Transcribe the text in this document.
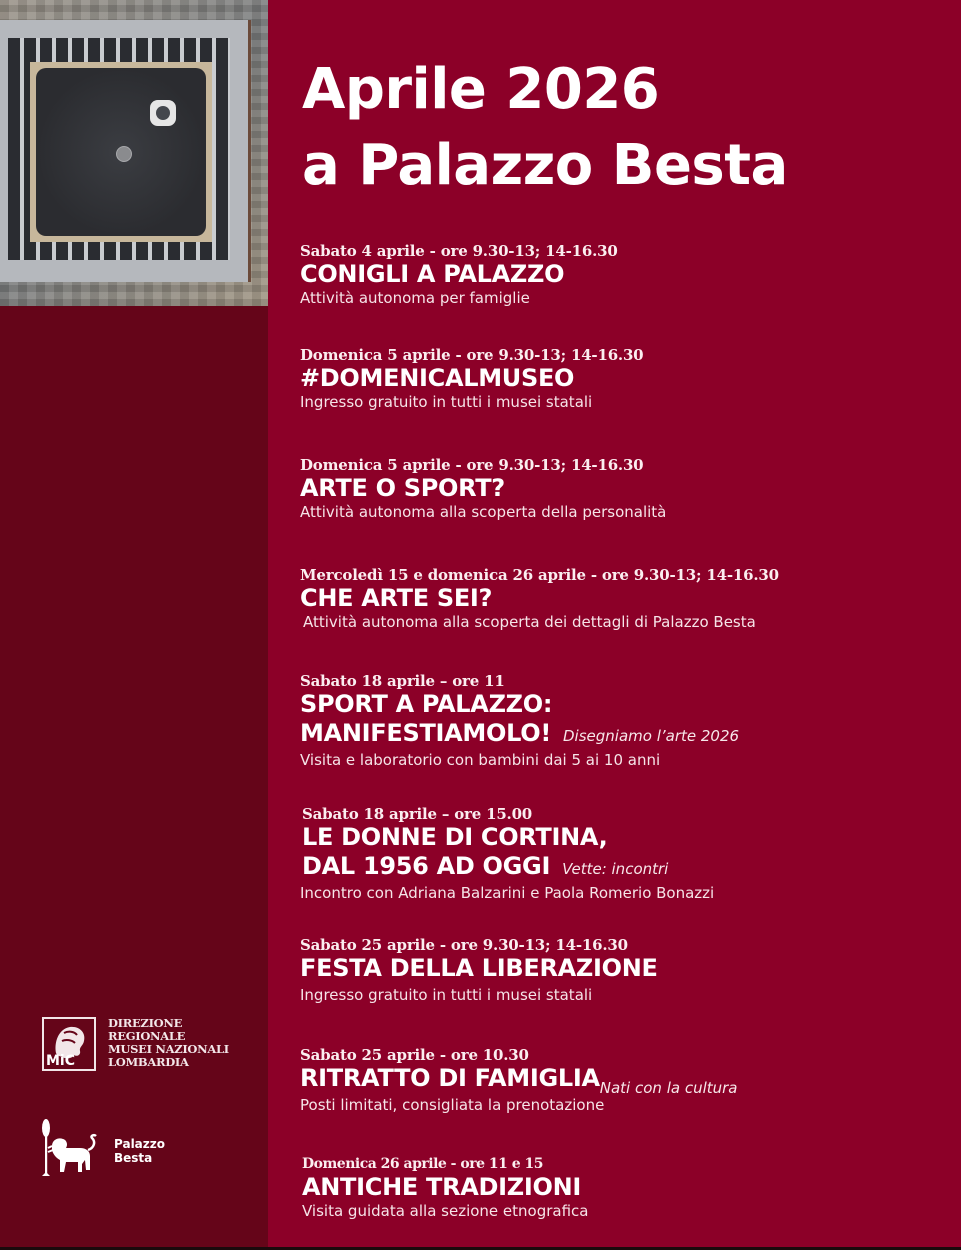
Aprile 2026
a Palazzo Besta
Sabato 4 aprile - ore 9.30-13; 14-16.30
CONIGLI A PALAZZO
Attività autonoma per famiglie
Domenica 5 aprile - ore 9.30-13; 14-16.30
#DOMENICALMUSEO
Ingresso gratuito in tutti i musei statali
Domenica 5 aprile - ore 9.30-13; 14-16.30
ARTE O SPORT?
Attività autonoma alla scoperta della personalità
Mercoledì 15 e domenica 26 aprile - ore 9.30-13; 14-16.30
CHE ARTE SEI?
Attività autonoma alla scoperta dei dettagli di Palazzo Besta
Sabato 18 aprile – ore 11
SPORT A PALAZZO:
MANIFESTIAMOLO! Disegniamo l’arte 2026
Visita e laboratorio con bambini dai 5 ai 10 anni
Sabato 18 aprile – ore 15.00
LE DONNE DI CORTINA,
DAL 1956 AD OGGI Vette: incontri
Incontro con Adriana Balzarini e Paola Romerio Bonazzi
Sabato 25 aprile - ore 9.30-13; 14-16.30
FESTA DELLA LIBERAZIONE
Ingresso gratuito in tutti i musei statali
Sabato 25 aprile - ore 10.30
RITRATTO DI $FAMIGLIA_{Nati con la cultura}$
Posti limitati, consigliata la prenotazione
Domenica 26 aprile - ore 11 e 15
ANTICHE TRADIZIONI
Visita guidata alla sezione etnografica
MiC
DIREZIONE
REGIONALE
MUSEI NAZIONALI
LOMBARDIA
Palazzo
Besta
